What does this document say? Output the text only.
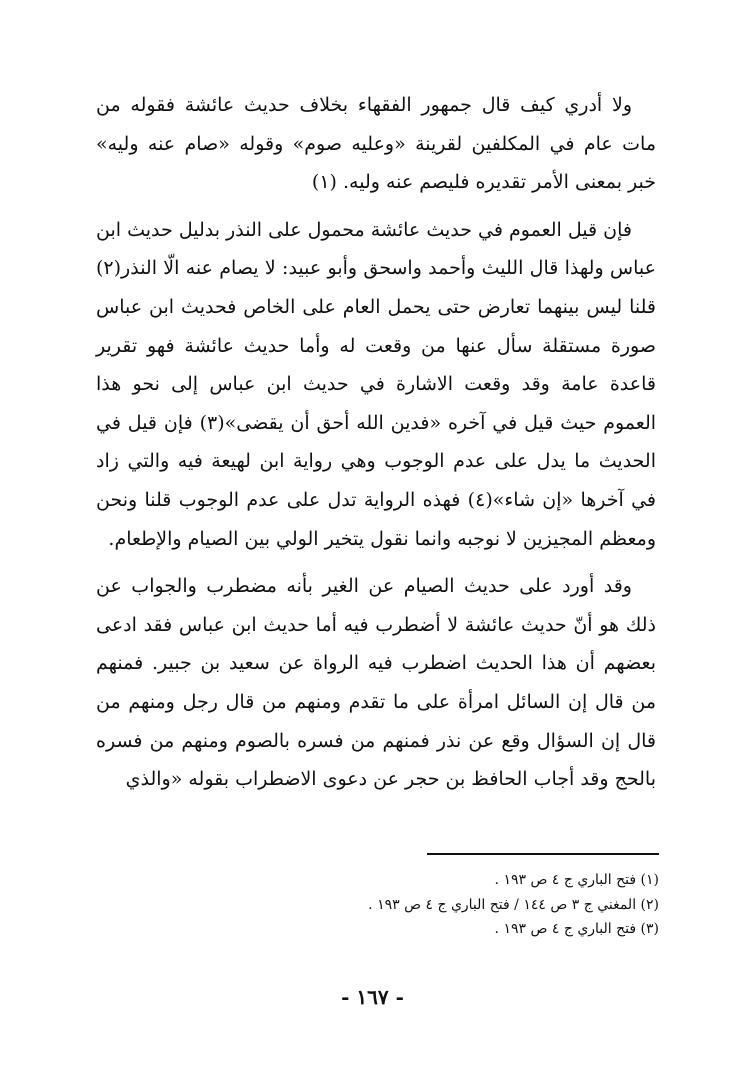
ولا أدري كيف قال جمهور الفقهاء بخلاف حديث عائشة فقوله من مات عام في المكلفين لقرينة «وعليه صوم» وقوله «صام عنه وليه» خبر بمعنى الأمر تقديره فليصم عنه وليه. (١)

فإن قيل العموم في حديث عائشة محمول على النذر بدليل حديث ابن عباس ولهذا قال الليث وأحمد واسحق وأبو عبيد: لا يصام عنه الّا النذر(٢) قلنا ليس بينهما تعارض حتى يحمل العام على الخاص فحديث ابن عباس صورة مستقلة سأل عنها من وقعت له وأما حديث عائشة فهو تقرير قاعدة عامة وقد وقعت الاشارة في حديث ابن عباس إلى نحو هذا العموم حيث قيل في آخره «فدين الله أحق أن يقضى»(٣) فإن قيل في الحديث ما يدل على عدم الوجوب وهي رواية ابن لهيعة فيه والتي زاد في آخرها «إن شاء»(٤) فهذه الرواية تدل على عدم الوجوب قلنا ونحن ومعظم المجيزين لا نوجبه وانما نقول يتخير الولي بين الصيام والإطعام.

وقد أورد على حديث الصيام عن الغير بأنه مضطرب والجواب عن ذلك هو أنّ حديث عائشة لا أضطرب فيه أما حديث ابن عباس فقد ادعى بعضهم أن هذا الحديث اضطرب فيه الرواة عن سعيد بن جبير. فمنهم من قال إن السائل امرأة على ما تقدم ومنهم من قال رجل ومنهم من قال إن السؤال وقع عن نذر فمنهم من فسره بالصوم ومنهم من فسره بالحج وقد أجاب الحافظ بن حجر عن دعوى الاضطراب بقوله «والذي

(١) فتح الباري ج ٤ ص ١٩٣ .
(٢) المغني ج ٣ ص ١٤٤ / فتح الباري ج ٤ ص ١٩٣ .
(٣) فتح الباري ج ٤ ص ١٩٣ .
- ١٦٧ -
